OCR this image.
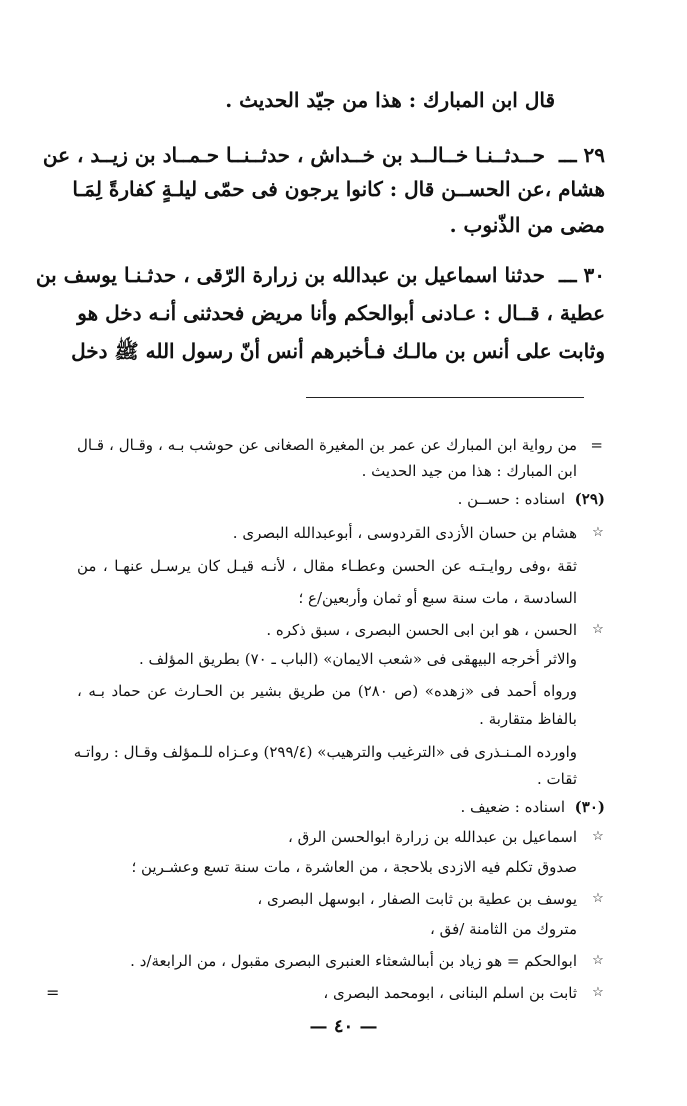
قال ابن المبارك : هذا من جيّد الحديث .
٢٩ ـــ
حــدثــنـا خــالــد بن خــداش ، حدثــنــا حـمــاد بن زيــد ، عن
هشام ،عن الحســن قال : كانوا يرجون فى حمّى ليلـةٍ كفارةً لِمَـا
مضى من الذّنوب .
٣٠ ـــ
حدثنا اسماعيل بن عبدالله بن زرارة الرّقى ، حدثـنـا يوسف بن
عطية ، قــال : عـادنى أبوالحكم وأنا مريض فحدثنى أنـه دخل هو
وثابت على أنس بن مالـك فـأخبرهم أنس أنّ رسول الله ﷺ دخل
=
من رواية ابن المبارك عن عمر بن المغيرة الصغانى عن حوشب بـه ، وقـال ، قـال
ابن المبارك : هذا من جيد الحديث .
(٢٩)
اسناده : حســن .
☆
هشام بن حسان الأزدى القردوسى ، أبوعبدالله البصرى .
ثقة ،وفى روايـتـه عن الحسن وعطـاء مقال ، لأنـه قيـل كان يرسـل عنهـا ، من
السادسة ، مات سنة سبع أو ثمان وأربعين/ع ؛
☆
الحسن ، هو ابن ابى الحسن البصرى ، سبق ذكره .
والاثر أخرجه البيهقى فى «شعب الايمان» (الباب ـ ٧٠) بطريق المؤلف .
ورواه أحمد فى «زهده» (ص ٢٨٠) من طريق بشير بن الحـارث عن حماد بـه ،
بالفاظ متقاربة .
واورده المـنـذرى فى «الترغيب والترهيب» (٢٩٩/٤) وعـزاه للـمؤلف وقـال : رواتـه
ثقات .
(٣٠)
اسناده : ضعيف .
☆
اسماعيل بن عبدالله بن زرارة ابوالحسن الرق ،
صدوق تكلم فيه الازدى بلاحجة ، من العاشرة ، مات سنة تسع وعشـرين ؛
☆
يوسف بن عطية بن ثابت الصفار ، ابوسهل البصرى ،
متروك من الثامنة /فق ،
☆
ابوالحكم = هو زياد بن أبىالشعثاء العنبرى البصرى مقبول ، من الرابعة/د .
☆
ثابت بن اسلم البنانى ، ابومحمد البصرى ،
=
— ٤٠ —
